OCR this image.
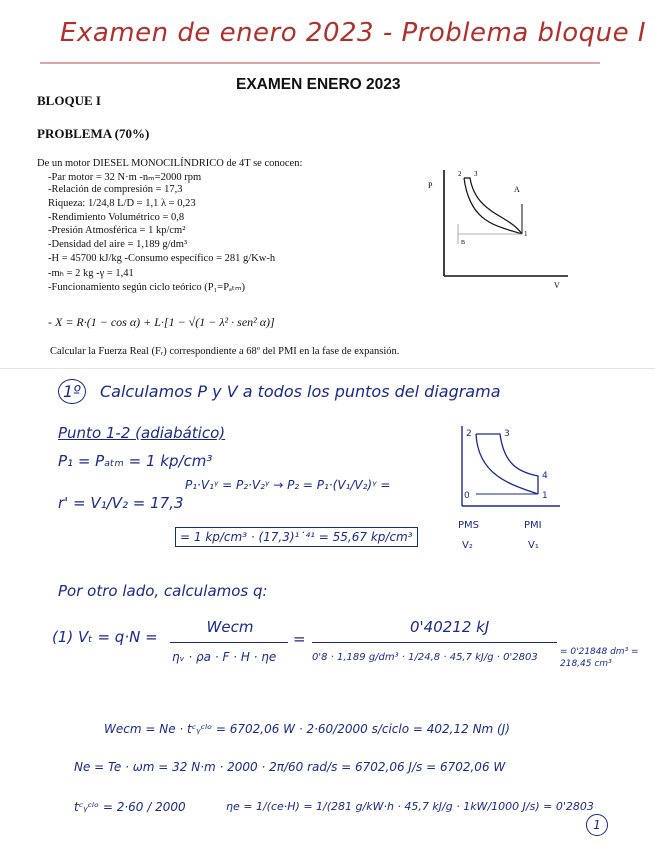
Examen de enero 2023 - Problema bloque I
EXAMEN ENERO 2023
BLOQUE I
PROBLEMA (70%)
De un motor DIESEL MONOCILÍNDRICO de 4T se conocen:
-Par motor = 32 N·m -nₘ=2000 rpm
-Relación de compresión = 17,3
Riqueza: 1/24,8 L/D = 1,1 λ = 0,23
-Rendimiento Volumétrico = 0,8
-Presión Atmosférica = 1 kp/cm²
-Densidad del aire = 1,189 g/dm³
-H = 45700 kJ/kg -Consumo específico = 281 g/Kw-h
-mₕ = 2 kg -γ = 1,41
-Funcionamiento según ciclo teórico (P₁=Pₐₜₘ)
- X = R·(1 − cos α) + L·[1 − √(1 − λ² · sen² α)]
P
V
2 3
A
1
B
Calcular la Fuerza Real (Fᵣ) correspondiente a 68º del PMI en la fase de expansión.
1º	Calculamos P y V a todos los puntos del diagrama
Punto 1-2 (adiabático)
P₁ = Pₐₜₘ = 1 kp/cm³
r' = V₁/V₂ = 17,3
P₁·V₁ᵞ = P₂·V₂ᵞ → P₂ = P₁·(V₁/V₂)ᵞ =
= 1 kp/cm³ · (17,3)¹˙⁴¹ = 55,67 kp/cm³
2	3
4
1
0
PMS	PMI
V₂	V₁
Por otro lado, calculamos q:
(1) Vₜ = q·N =
Wecm
ηᵥ · ρa · F · H · ηe
=
0'40212 kJ
0'8 · 1,189 g/dm³ · 1/24,8 · 45,7 kJ/g · 0'2803 = 0'21848 dm³ = 218,45 cm³
Wecm = Ne · tᶜᵧᶜˡᵒ = 6702,06 W · 2·60/2000 s/ciclo = 402,12 Nm (J)
Ne = Te · ωm = 32 N·m · 2000 · 2π/60 rad/s = 6702,06 J/s = 6702,06 W
tᶜᵧᶜˡᵒ = 2·60 / 2000	ηe = 1/(ce·H) = 1/(281 g/kW·h · 45,7 kJ/g · 1kW/1000 J/s) = 0'2803
1
